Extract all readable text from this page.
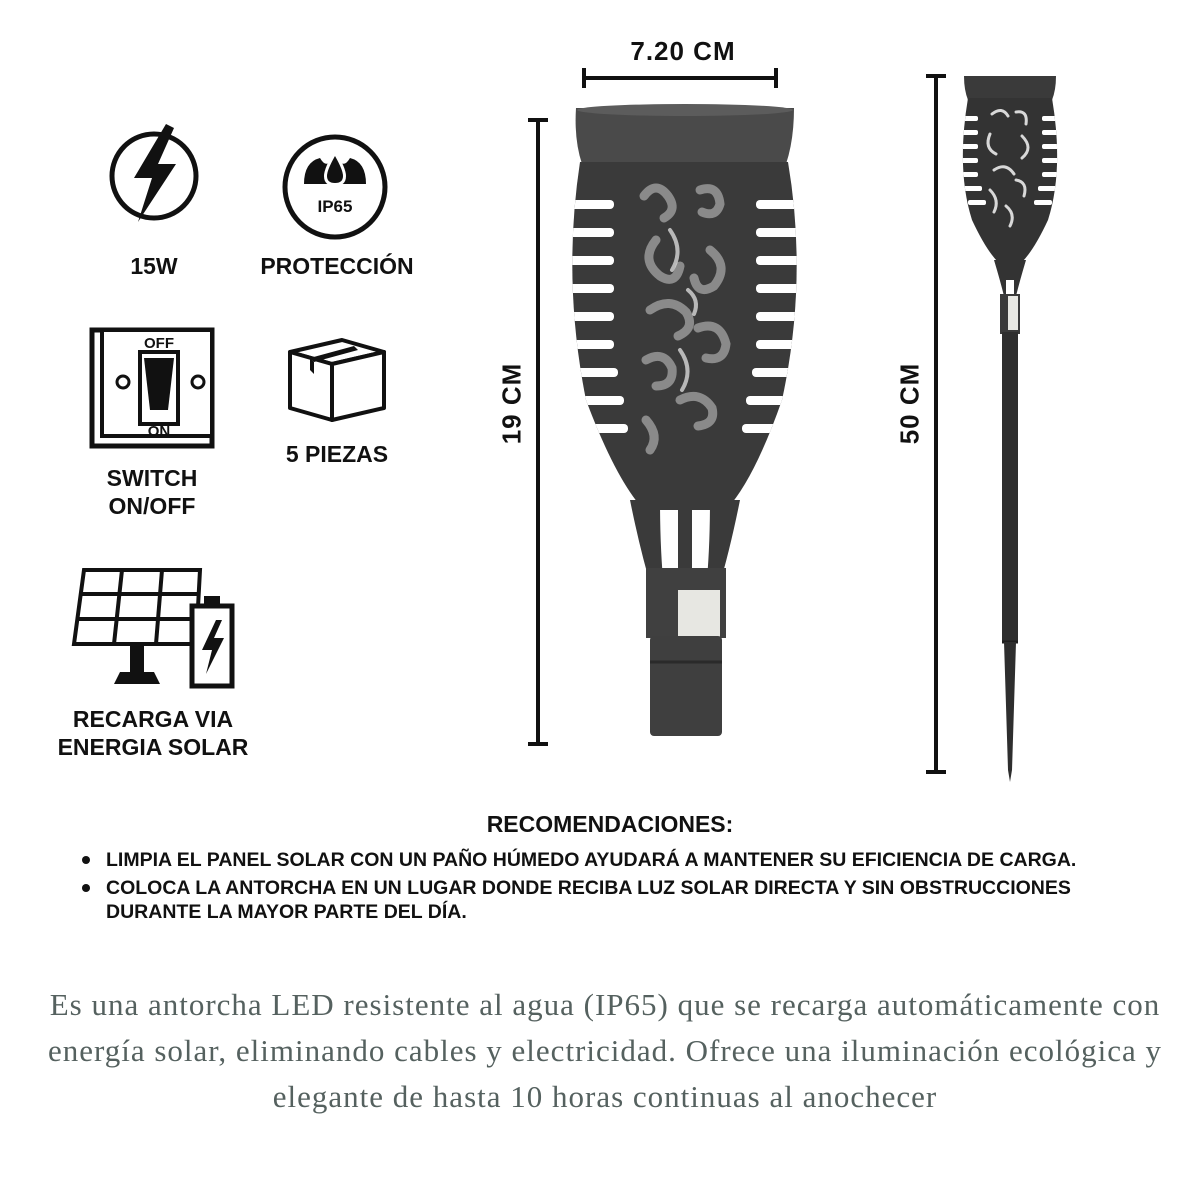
15W
IP65
PROTECCIÓN
OFF
ON
SWITCH ON/OFF
5 PIEZAS
RECARGA VIA ENERGIA SOLAR
7.20 CM
19 CM	50 CM
RECOMENDACIONES:
LIMPIA EL PANEL SOLAR CON UN PAÑO HÚMEDO AYUDARÁ A MANTENER SU EFICIENCIA DE CARGA.
COLOCA LA ANTORCHA EN UN LUGAR DONDE RECIBA LUZ SOLAR DIRECTA Y SIN OBSTRUCCIONES DURANTE LA MAYOR PARTE DEL DÍA.
Es una antorcha LED resistente al agua (IP65) que se recarga automáticamente con energía solar, eliminando cables y electricidad. Ofrece una iluminación ecológica y elegante de hasta 10 horas continuas al anochecer
